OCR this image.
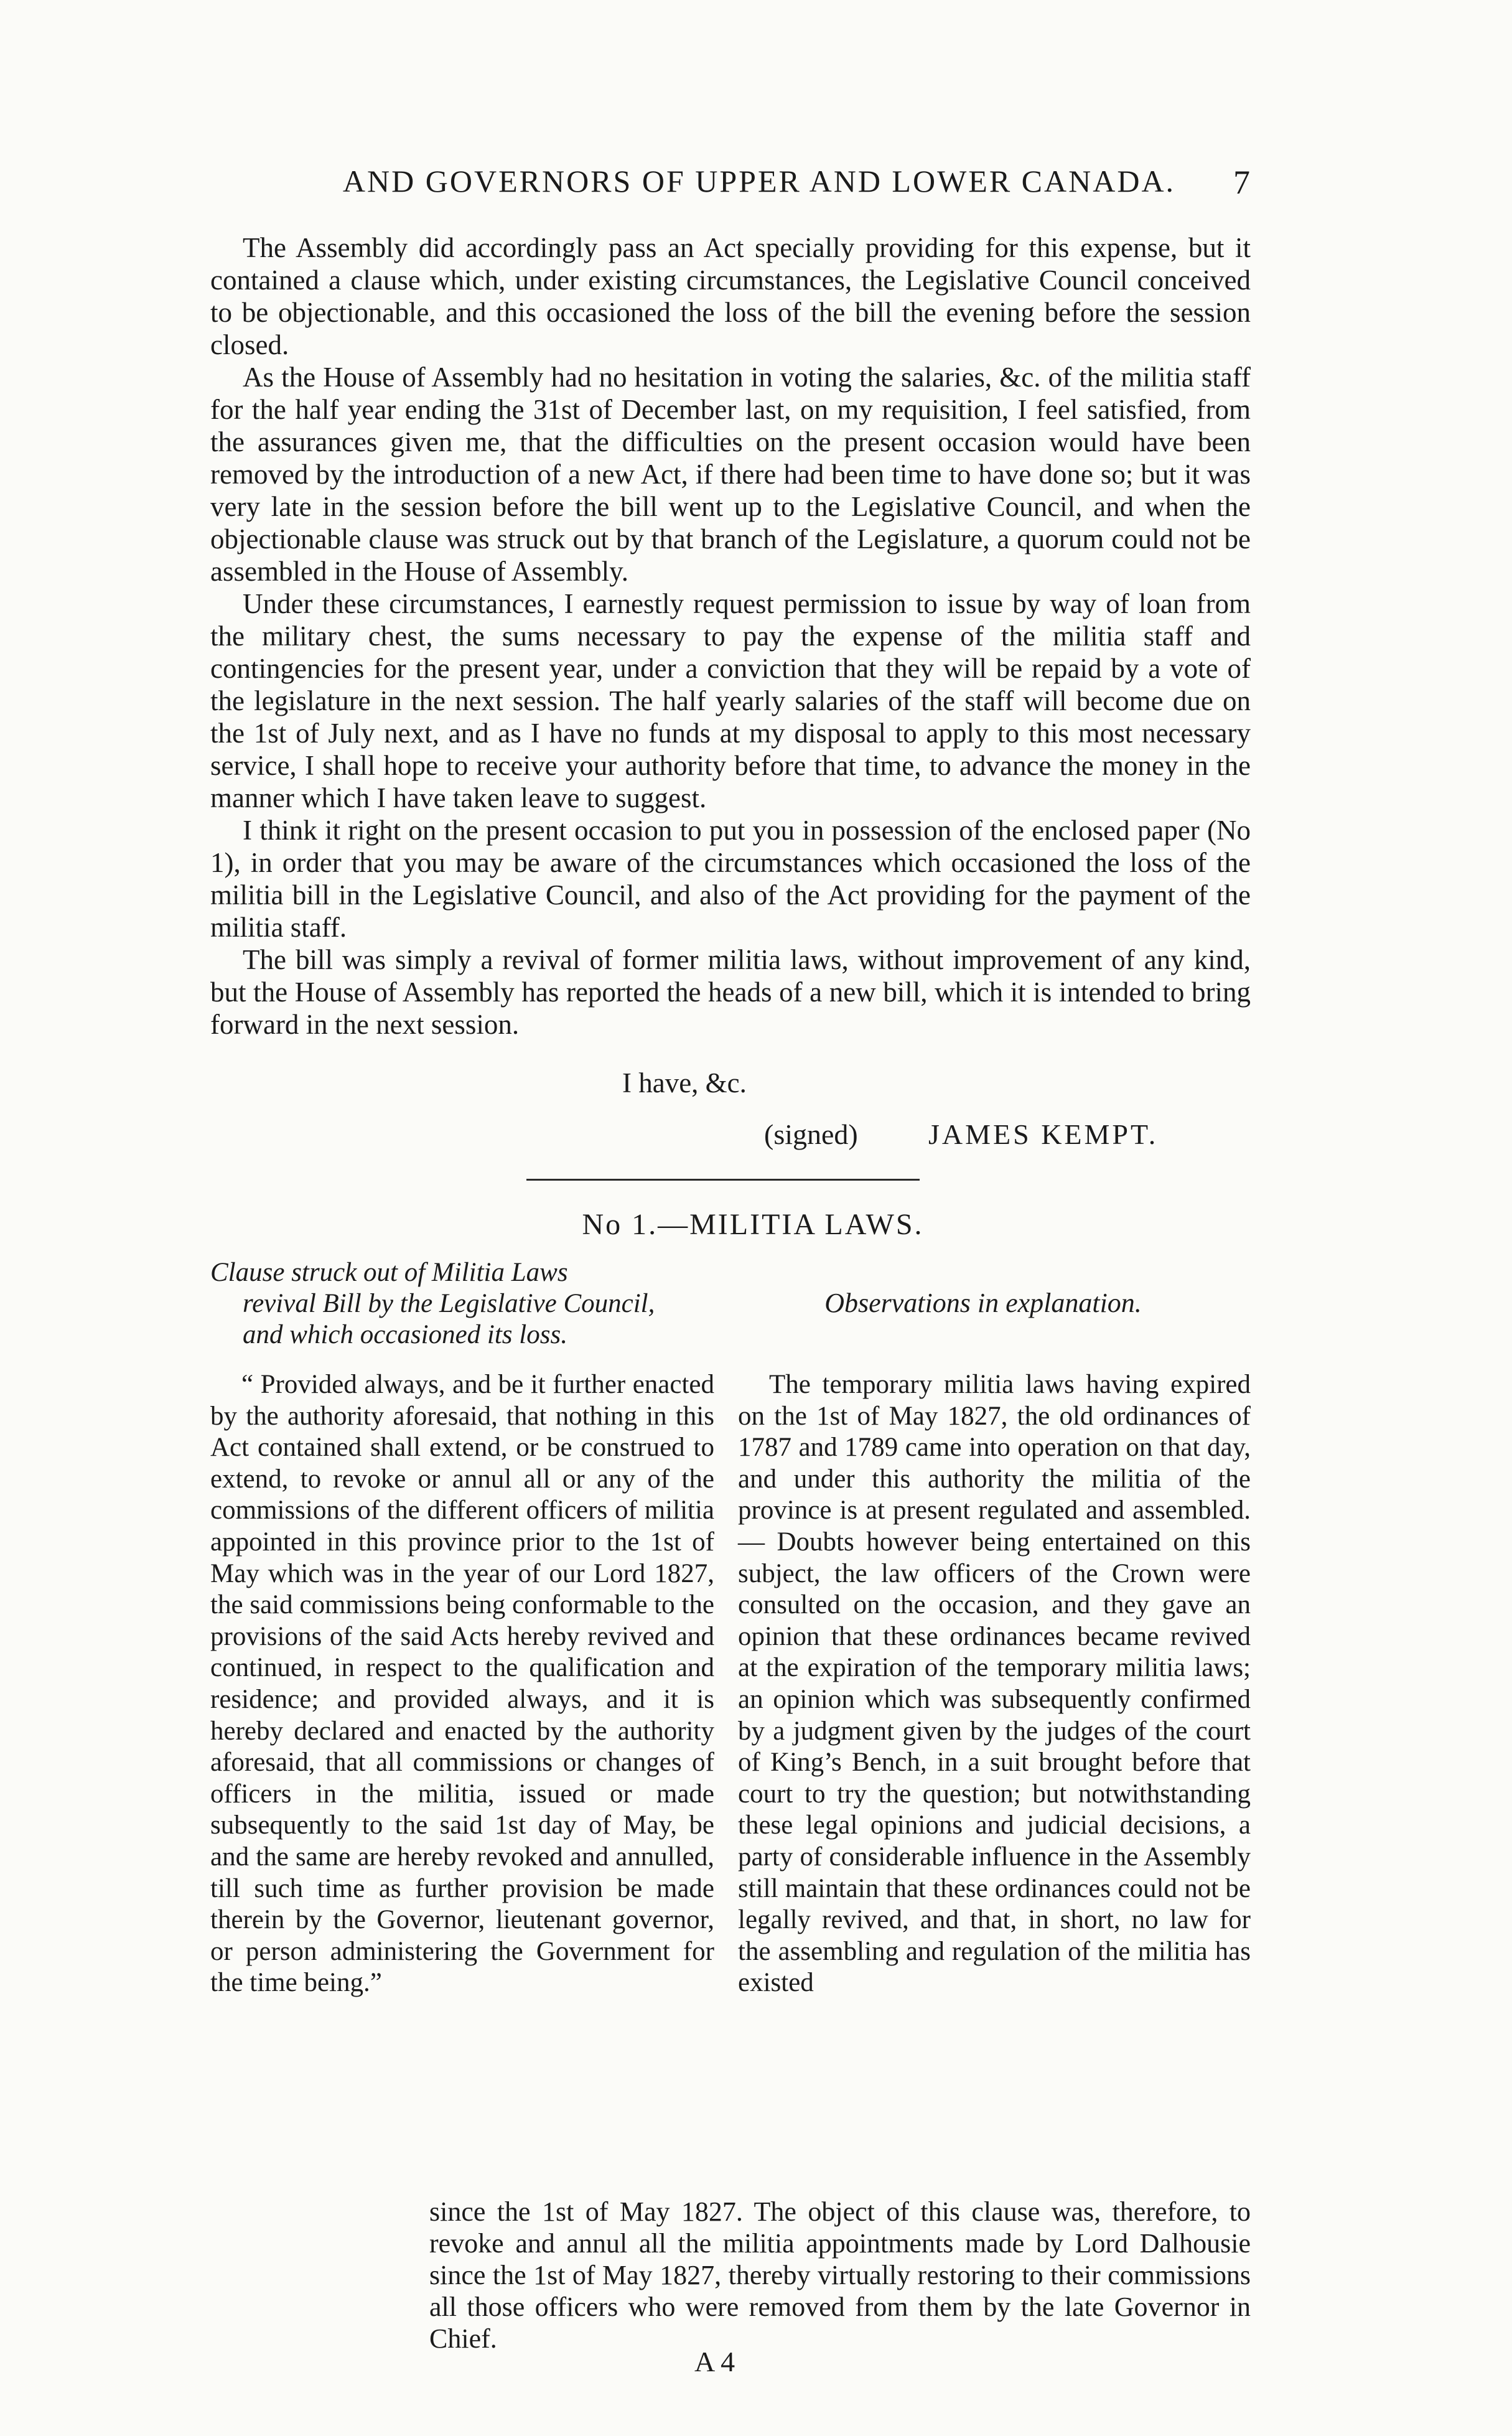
AND GOVERNORS OF UPPER AND LOWER CANADA.	7

The Assembly did accordingly pass an Act specially providing for this expense, but it contained a clause which, under existing circumstances, the Legislative Council conceived to be objectionable, and this occasioned the loss of the bill the evening before the session closed.

As the House of Assembly had no hesitation in voting the salaries, &c. of the militia staff for the half year ending the 31st of December last, on my requisition, I feel satisfied, from the assurances given me, that the difficulties on the present occasion would have been removed by the introduction of a new Act, if there had been time to have done so; but it was very late in the session before the bill went up to the Legislative Council, and when the objectionable clause was struck out by that branch of the Legislature, a quorum could not be assembled in the House of Assembly.

Under these circumstances, I earnestly request permission to issue by way of loan from the military chest, the sums necessary to pay the expense of the militia staff and contingencies for the present year, under a conviction that they will be repaid by a vote of the legislature in the next session. The half yearly salaries of the staff will become due on the 1st of July next, and as I have no funds at my disposal to apply to this most necessary service, I shall hope to receive your authority before that time, to advance the money in the manner which I have taken leave to suggest.

I think it right on the present occasion to put you in possession of the enclosed paper (No 1), in order that you may be aware of the circumstances which occasioned the loss of the militia bill in the Legislative Council, and also of the Act providing for the payment of the militia staff.

The bill was simply a revival of former militia laws, without improvement of any kind, but the House of Assembly has reported the heads of a new bill, which it is intended to bring forward in the next session.

I have, &c.
(signed) JAMES KEMPT.
No 1.—MILITIA LAWS.
Clause struck out of Militia Laws
revival Bill by the Legislative Council,
and which occasioned its loss.
Observations in explanation.

“ Provided always, and be it further enacted by the authority aforesaid, that nothing in this Act contained shall extend, or be construed to extend, to revoke or annul all or any of the commissions of the different officers of militia appointed in this province prior to the 1st of May which was in the year of our Lord 1827, the said commissions being conformable to the provisions of the said Acts hereby revived and continued, in respect to the qualification and residence; and provided always, and it is hereby declared and enacted by the authority aforesaid, that all commissions or changes of officers in the militia, issued or made subsequently to the said 1st day of May, be and the same are hereby revoked and annulled, till such time as further provision be made therein by the Governor, lieutenant governor, or person administering the Government for the time being.”

The temporary militia laws having expired on the 1st of May 1827, the old ordinances of 1787 and 1789 came into operation on that day, and under this authority the militia of the province is at present regulated and assembled.— Doubts however being entertained on this subject, the law officers of the Crown were consulted on the occasion, and they gave an opinion that these ordinances became revived at the expiration of the temporary militia laws; an opinion which was subsequently confirmed by a judgment given by the judges of the court of King’s Bench, in a suit brought before that court to try the question; but notwithstanding these legal opinions and judicial decisions, a party of considerable influence in the Assembly still maintain that these ordinances could not be legally revived, and that, in short, no law for the assembling and regulation of the militia has existed

since the 1st of May 1827. The object of this clause was, therefore, to revoke and annul all the militia appointments made by Lord Dalhousie since the 1st of May 1827, thereby virtually restoring to their commissions all those officers who were removed from them by the late Governor in Chief.
A 4
